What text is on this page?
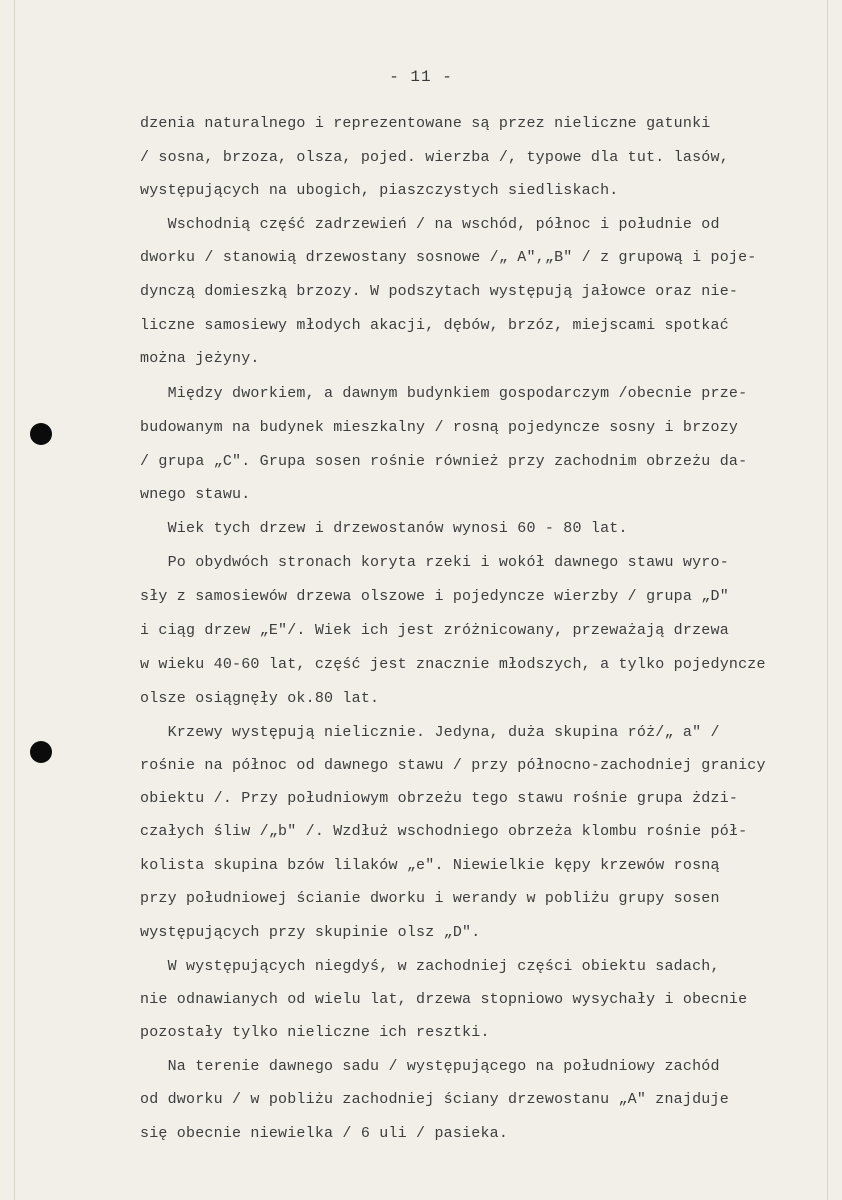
- 11 -
dzenia naturalnego i reprezentowane są przez nieliczne gatunki
/ sosna, brzoza, olsza, pojed. wierzba /, typowe dla tut. lasów,
występujących na ubogich, piaszczystych siedliskach.
Wschodnią część zadrzewień / na wschód, północ i południe od
dworku / stanowią drzewostany sosnowe /„ A",„B" / z grupową i poje-
dynczą domieszką brzozy. W podszytach występują jałowce oraz nie-
liczne samosiewy młodych akacji, dębów, brzóz, miejscami spotkać
można jeżyny.
Między dworkiem, a dawnym budynkiem gospodarczym /obecnie prze-
budowanym na budynek mieszkalny / rosną pojedyncze sosny i brzozy
/ grupa „C". Grupa sosen rośnie również przy zachodnim obrzeżu da-
wnego stawu.
Wiek tych drzew i drzewostanów wynosi 60 - 80 lat.
Po obydwóch stronach koryta rzeki i wokół dawnego stawu wyro-
sły z samosiewów drzewa olszowe i pojedyncze wierzby / grupa „D"
i ciąg drzew „E"/. Wiek ich jest zróżnicowany, przeważają drzewa
w wieku 40-60 lat, część jest znacznie młodszych, a tylko pojedyncze
olsze osiągnęły ok.80 lat.
Krzewy występują nielicznie. Jedyna, duża skupina róż/„ a" /
rośnie na północ od dawnego stawu / przy północno-zachodniej granicy
obiektu /. Przy południowym obrzeżu tego stawu rośnie grupa żdzi-
czałych śliw /„b" /. Wzdłuż wschodniego obrzeża klombu rośnie pół-
kolista skupina bzów lilaków „e". Niewielkie kępy krzewów rosną
przy południowej ścianie dworku i werandy w pobliżu grupy sosen
występujących przy skupinie olsz „D".
W występujących niegdyś, w zachodniej części obiektu sadach,
nie odnawianych od wielu lat, drzewa stopniowo wysychały i obecnie
pozostały tylko nieliczne ich resztki.
Na terenie dawnego sadu / występującego na południowy zachód
od dworku / w pobliżu zachodniej ściany drzewostanu „A" znajduje
się obecnie niewielka / 6 uli / pasieka.
